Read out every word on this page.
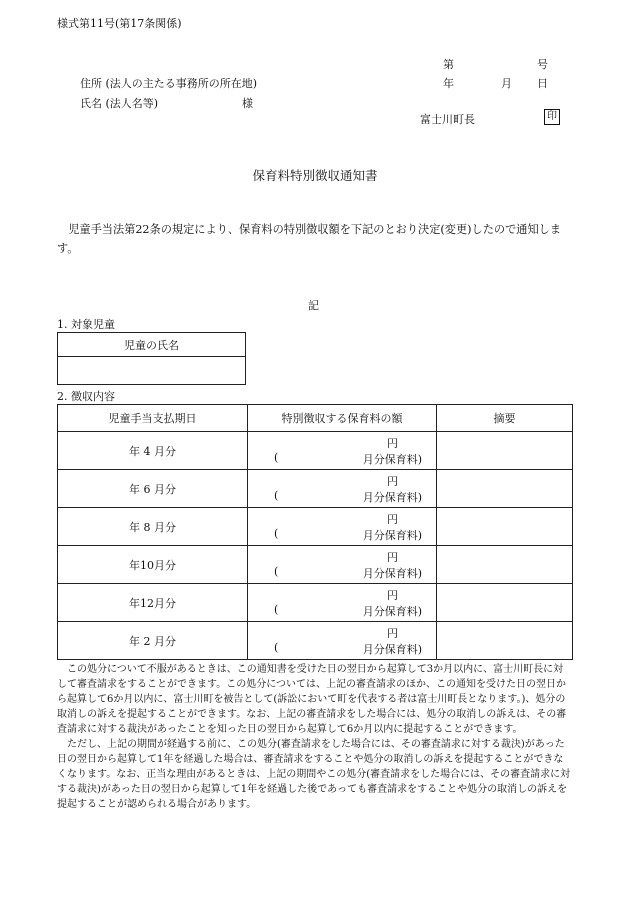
様式第11号(第17条関係)
第	号
住所 (法人の主たる事務所の所在地)	年	月 日
氏名 (法人名等)	様
富士川町長	印
保育料特別徴収通知書
児童手当法第22条の規定により、保育料の特別徴収額を下記のとおり決定(変更)したので通知します。
記
1. 対象児童
児童の氏名

2. 徴収内容
児童手当支払期日	特別徴収する保育料の額	摘要
年 4 月分	円
( 月分保育料)	

年 6 月分	円
( 月分保育料)	

年 8 月分	円
( 月分保育料)	

年10月分	円
( 月分保育料)	

年12月分	円
( 月分保育料)	

年 2 月分	円
( 月分保育料)	

この処分について不服があるときは、この通知書を受けた日の翌日から起算して3か月以内に、富士川町長に対して審査請求をすることができます。この処分については、上記の審査請求のほか、この通知を受けた日の翌日から起算して6か月以内に、富士川町を被告として(訴訟において町を代表する者は富士川町長となります。)、処分の取消しの訴えを提起することができます。なお、上記の審査請求をした場合には、処分の取消しの訴えは、その審査請求に対する裁決があったことを知った日の翌日から起算して6か月以内に提起することができます。

ただし、上記の期間が経過する前に、この処分(審査請求をした場合には、その審査請求に対する裁決)があった日の翌日から起算して1年を経過した場合は、審査請求をすることや処分の取消しの訴えを提起することができなくなります。なお、正当な理由があるときは、上記の期間やこの処分(審査請求をした場合には、その審査請求に対する裁決)があった日の翌日から起算して1年を経過した後であっても審査請求をすることや処分の取消しの訴えを提起することが認められる場合があります。
